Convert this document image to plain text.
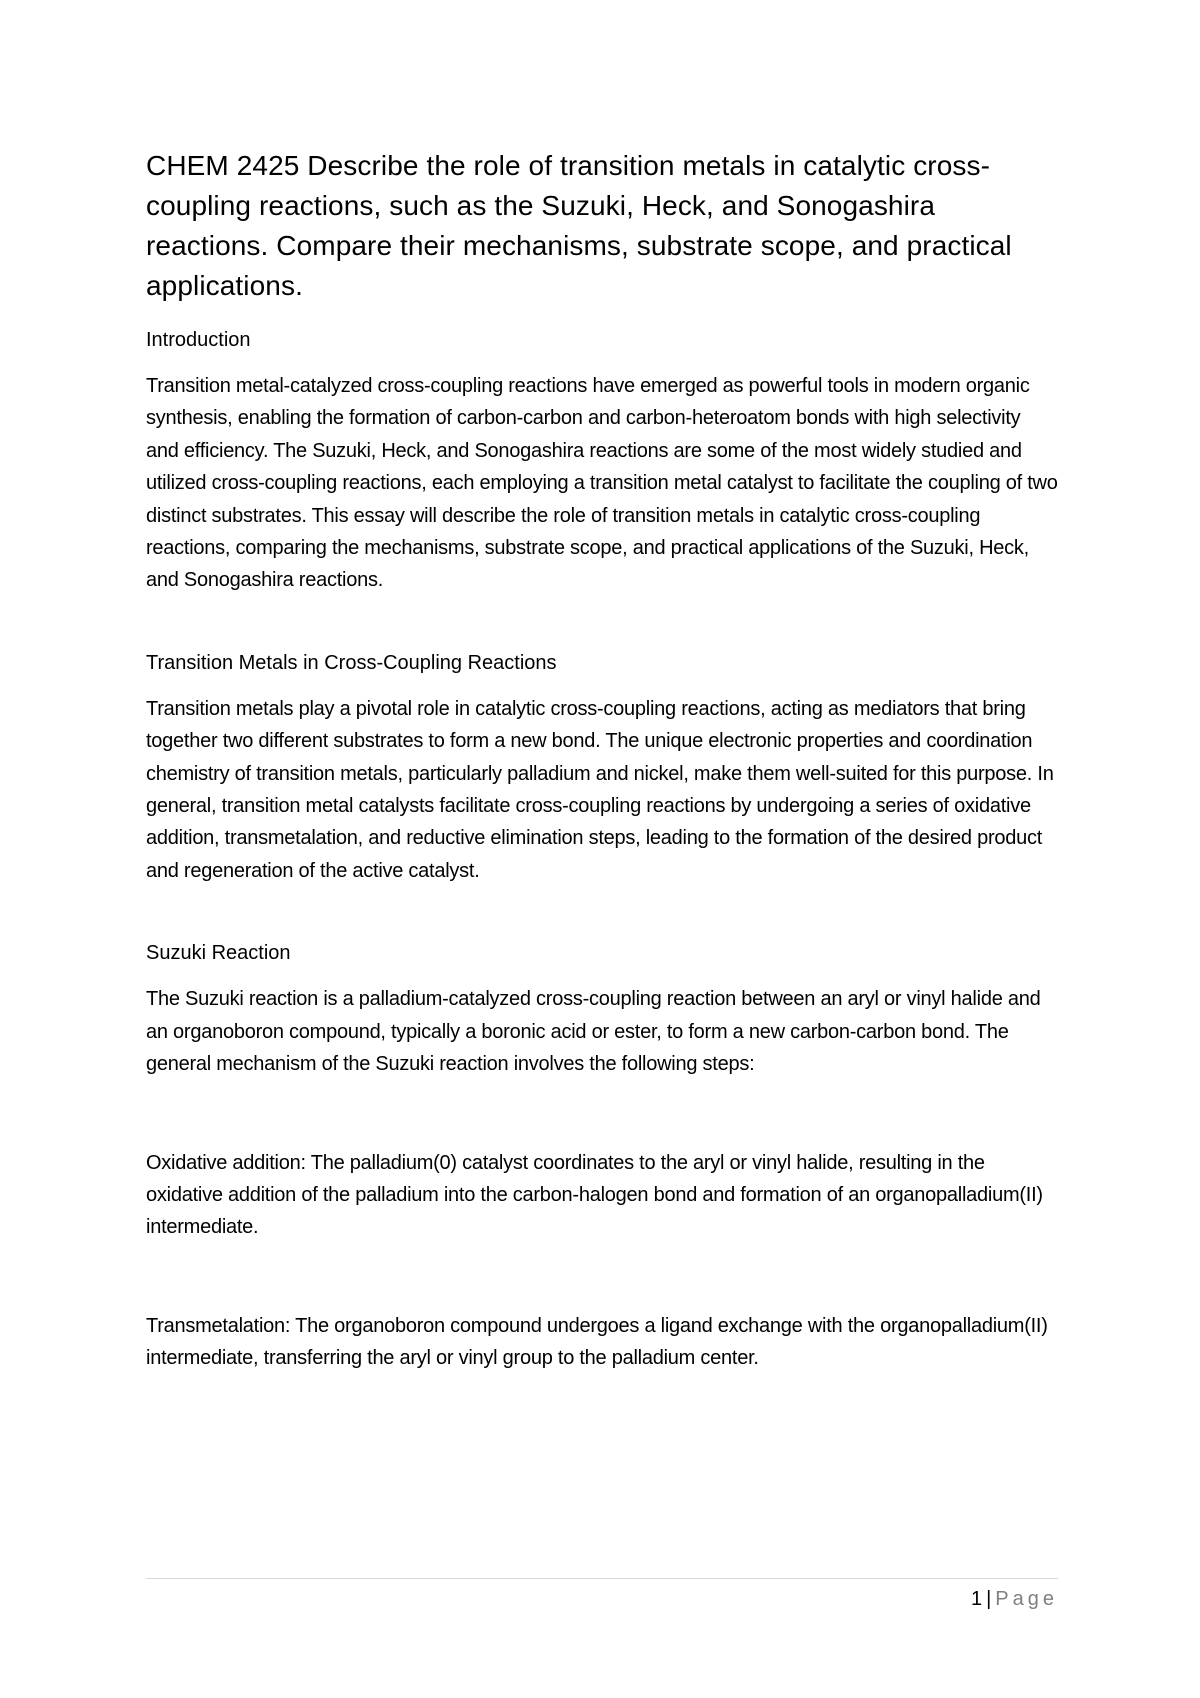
CHEM 2425 Describe the role of transition metals in catalytic cross-coupling reactions, such as the Suzuki, Heck, and Sonogashira reactions. Compare their mechanisms, substrate scope, and practical applications.
Introduction

Transition metal-catalyzed cross-coupling reactions have emerged as powerful tools in modern organic synthesis, enabling the formation of carbon-carbon and carbon-heteroatom bonds with high selectivity and efficiency. The Suzuki, Heck, and Sonogashira reactions are some of the most widely studied and utilized cross-coupling reactions, each employing a transition metal catalyst to facilitate the coupling of two distinct substrates. This essay will describe the role of transition metals in catalytic cross-coupling reactions, comparing the mechanisms, substrate scope, and practical applications of the Suzuki, Heck, and Sonogashira reactions.

Transition Metals in Cross-Coupling Reactions

Transition metals play a pivotal role in catalytic cross-coupling reactions, acting as mediators that bring together two different substrates to form a new bond. The unique electronic properties and coordination chemistry of transition metals, particularly palladium and nickel, make them well-suited for this purpose. In general, transition metal catalysts facilitate cross-coupling reactions by undergoing a series of oxidative addition, transmetalation, and reductive elimination steps, leading to the formation of the desired product and regeneration of the active catalyst.

Suzuki Reaction

The Suzuki reaction is a palladium-catalyzed cross-coupling reaction between an aryl or vinyl halide and an organoboron compound, typically a boronic acid or ester, to form a new carbon-carbon bond. The general mechanism of the Suzuki reaction involves the following steps:

Oxidative addition: The palladium(0) catalyst coordinates to the aryl or vinyl halide, resulting in the oxidative addition of the palladium into the carbon-halogen bond and formation of an organopalladium(II) intermediate.

Transmetalation: The organoboron compound undergoes a ligand exchange with the organopalladium(II) intermediate, transferring the aryl or vinyl group to the palladium center.

1 | Page
